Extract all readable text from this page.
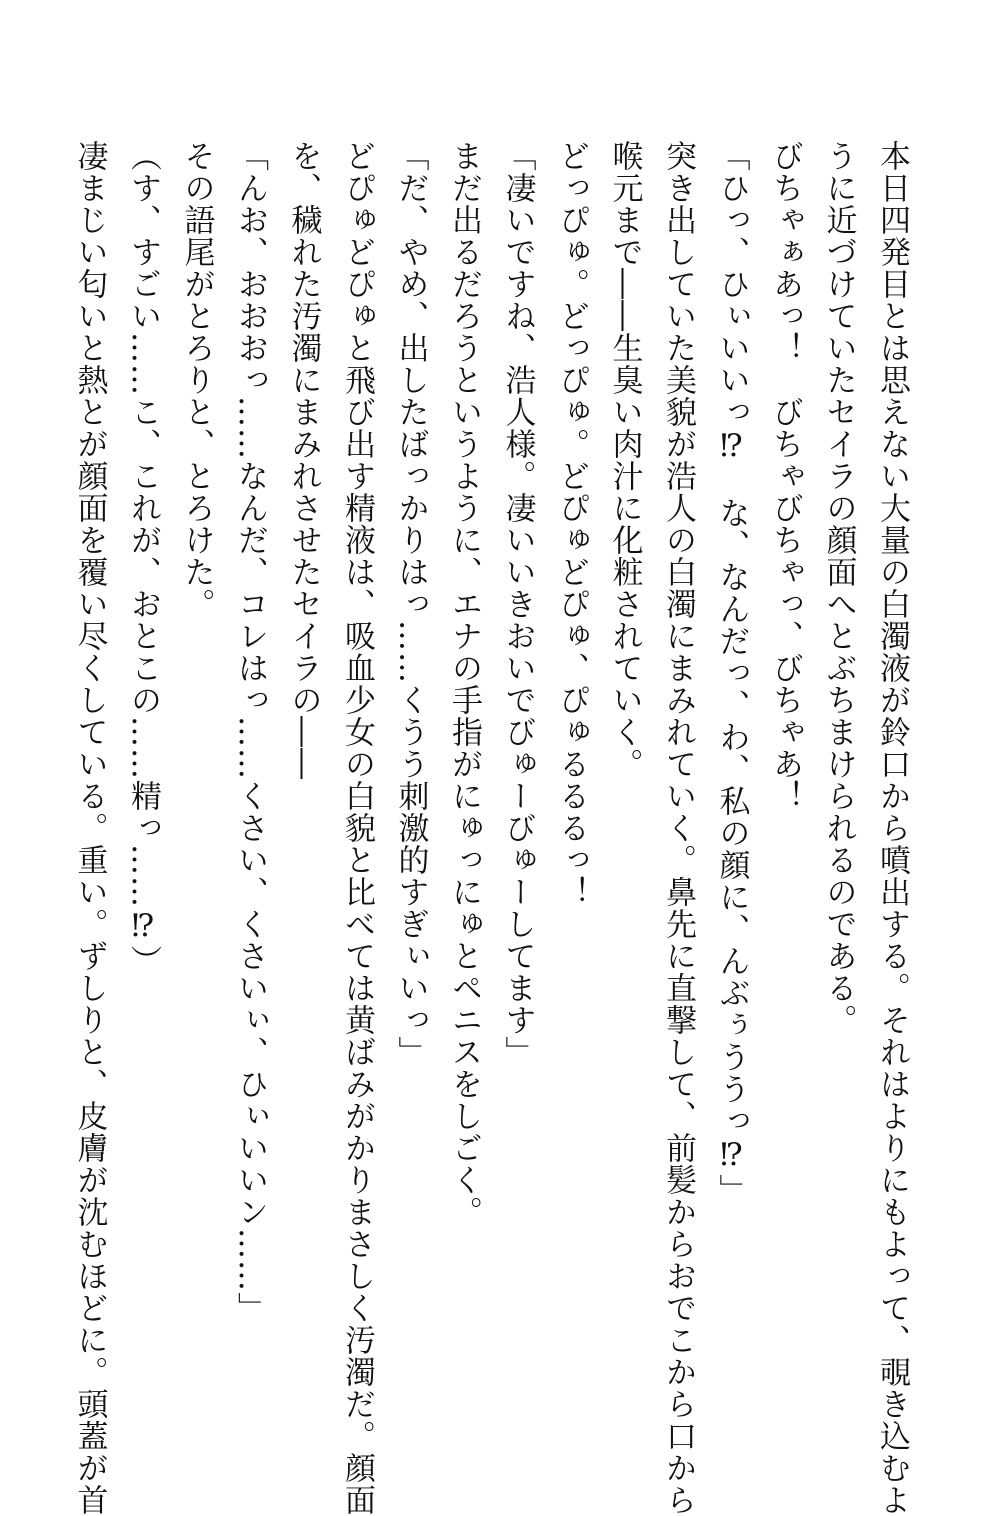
本日四発目とは思えない大量の白濁液が鈴口から噴出する。それはよりにもよって、覗き込むよ
うに近づけていたセイラの顔面へとぶちまけられるのである。
びちゃぁあっ！　びちゃびちゃっ、びちゃあ！
「ひっ、ひぃいいっ⁉　な、なんだっ、わ、私の顔に、んぶぅううっ⁉」
突き出していた美貌が浩人の白濁にまみれていく。鼻先に直撃して、前髪からおでこから口から
喉元まで――生臭い肉汁に化粧されていく。
どっぴゅ。どっぴゅ。どぴゅどぴゅ、ぴゅるるるっ！
「凄いですね、浩人様。凄いいきおいでびゅーびゅーしてます」
まだ出るだろうというように、エナの手指がにゅっにゅとペニスをしごく。
「だ、やめ、出したばっかりはっ……くうう刺激的すぎぃいっ」
どぴゅどぴゅと飛び出す精液は、吸血少女の白貌と比べては黄ばみがかりまさしく汚濁だ。顔面
を、穢れた汚濁にまみれさせたセイラの――
「んお、おおおっ……なんだ、コレはっ……くさい、くさいぃ、ひぃいいン……」
その語尾がとろりと、とろけた。
（す、すごい……こ、これが、おとこの……精っ……⁉）
凄まじい匂いと熱とが顔面を覆い尽くしている。重い。ずしりと、皮膚が沈むほどに。頭蓋が首
